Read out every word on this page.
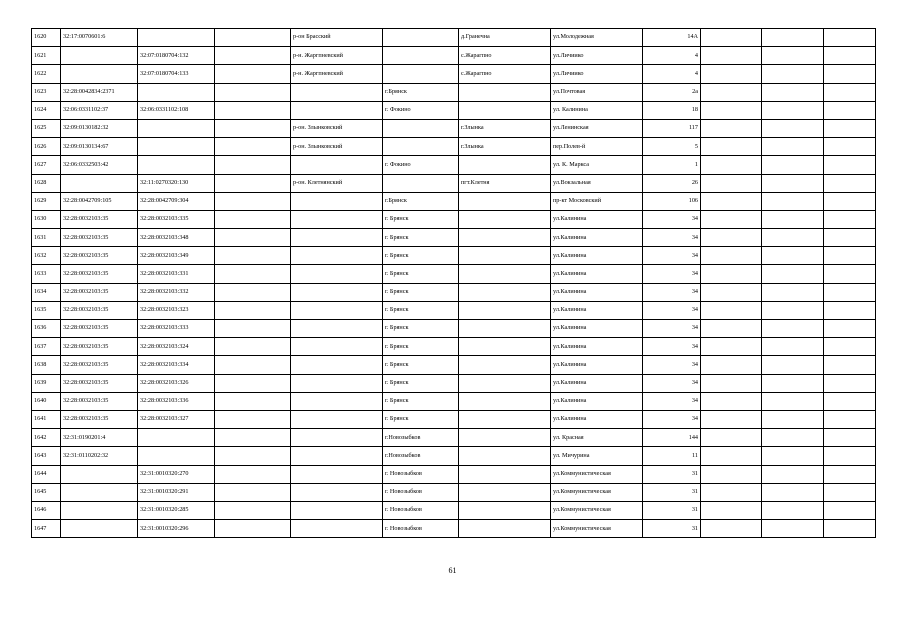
1620	32:17:0070601:6			р-он Брасский		д.Гранечна	ул.Молодежная	14А			
1621		32:07:0180704:132		р-н. Жаргпневский		с.Жарагпно	ул.Личиико	4			
1622		32:07:0180704:133		р-н. Жаргпневский		с.Жарагпно	ул.Личиико	4			
1623	32:28:0042834:2371				г.Брянск		ул.Почтовая	2а			
1624	32:06:0331102:37	32:06:0331102:108			г. Фокино		ул. Калинина	18			
1625	32:09:0130182:32			р-он. Злынковский		г.Злынка	ул.Ленинская	117			
1626	32:09:0130134:67			р-он. Злынковский		г.Злынка	пер.Полев-й	5			
1627	32:06:0332503:42				г. Фокино		ул. К. Маркса	1			
1628		32:11:0270320:130		р-он. Клетнянский		пгт.Клетня	ул.Вокзальная	26			
1629	32:28:0042709:105	32:28:0042709:304			г.Брянск		пр-кт Московский	106			
1630	32:28:0032103:35	32:28:0032103:335			г. Брянск		ул.Калинина	34			
1631	32:28:0032103:35	32:28:0032103:348			г. Брянск		ул.Калинина	34			
1632	32:28:0032103:35	32:28:0032103:349			г. Брянск		ул.Калинина	34			
1633	32:28:0032103:35	32:28:0032103:331			г. Брянск		ул.Калинина	34			
1634	32:28:0032103:35	32:28:0032103:332			г. Брянск		ул.Калинина	34			
1635	32:28:0032103:35	32:28:0032103:323			г. Брянск		ул.Калинина	34			
1636	32:28:0032103:35	32:28:0032103:333			г. Брянск		ул.Калинина	34			
1637	32:28:0032103:35	32:28:0032103:324			г. Брянск		ул.Калинина	34			
1638	32:28:0032103:35	32:28:0032103:334			г. Брянск		ул.Калинина	34			
1639	32:28:0032103:35	32:28:0032103:326			г. Брянск		ул.Калинина	34			
1640	32:28:0032103:35	32:28:0032103:336			г. Брянск		ул.Калинина	34			
1641	32:28:0032103:35	32:28:0032103:327			г. Брянск		ул.Калинина	34			
1642	32:31:0190201:4				г.Новозыбков		ул. Красная	144			
1643	32:31:0110202:32				г.Новозыбков		ул. Мичурина	11			
1644		32:31:0010320:270			г. Новозыбков		ул.Коммунистическая	31			
1645		32:31:0010320:291			г. Новозыбков		ул.Коммунистическая	31			
1646		32:31:0010320:285			г. Новозыбков		ул.Коммунистическая	31			
1647		32:31:0010320:296			г. Новозыбков		ул.Коммунистическая	31			
61
